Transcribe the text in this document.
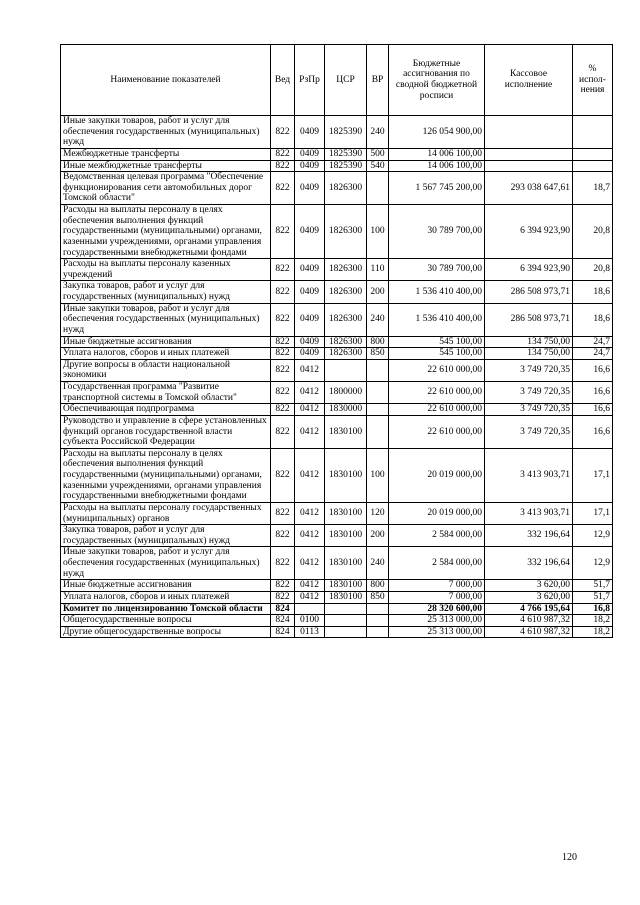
Наименование показателей	Вед	РзПр	ЦСР	ВР	Бюджетные ассигнования по сводной бюджетной росписи	Кассовое исполнение	% испол-нения
Иные закупки товаров, работ и услуг для обеспечения государственных (муниципальных) нужд	822	0409	1825390	240	126 054 900,00		
Межбюджетные трансферты	822	0409	1825390	500	14 006 100,00		
Иные межбюджетные трансферты	822	0409	1825390	540	14 006 100,00		
Ведомственная целевая программа "Обеспечение функционирования сети автомобильных дорог Томской области"	822	0409	1826300		1 567 745 200,00	293 038 647,61	18,7
Расходы на выплаты персоналу в целях обеспечения выполнения функций государственными (муниципальными) органами, казенными учреждениями, органами управления государственными внебюджетными фондами	822	0409	1826300	100	30 789 700,00	6 394 923,90	20,8
Расходы на выплаты персоналу казенных учреждений	822	0409	1826300	110	30 789 700,00	6 394 923,90	20,8
Закупка товаров, работ и услуг для государственных (муниципальных) нужд	822	0409	1826300	200	1 536 410 400,00	286 508 973,71	18,6
Иные закупки товаров, работ и услуг для обеспечения государственных (муниципальных) нужд	822	0409	1826300	240	1 536 410 400,00	286 508 973,71	18,6
Иные бюджетные ассигнования	822	0409	1826300	800	545 100,00	134 750,00	24,7
Уплата налогов, сборов и иных платежей	822	0409	1826300	850	545 100,00	134 750,00	24,7
Другие вопросы в области национальной экономики	822	0412			22 610 000,00	3 749 720,35	16,6
Государственная программа "Развитие транспортной системы в Томской области"	822	0412	1800000		22 610 000,00	3 749 720,35	16,6
Обеспечивающая подпрограмма	822	0412	1830000		22 610 000,00	3 749 720,35	16,6
Руководство и управление в сфере установленных функций органов государственной власти субъекта Российской Федерации	822	0412	1830100		22 610 000,00	3 749 720,35	16,6
Расходы на выплаты персоналу в целях обеспечения выполнения функций государственными (муниципальными) органами, казенными учреждениями, органами управления государственными внебюджетными фондами	822	0412	1830100	100	20 019 000,00	3 413 903,71	17,1
Расходы на выплаты персоналу государственных (муниципальных) органов	822	0412	1830100	120	20 019 000,00	3 413 903,71	17,1
Закупка товаров, работ и услуг для государственных (муниципальных) нужд	822	0412	1830100	200	2 584 000,00	332 196,64	12,9
Иные закупки товаров, работ и услуг для обеспечения государственных (муниципальных) нужд	822	0412	1830100	240	2 584 000,00	332 196,64	12,9
Иные бюджетные ассигнования	822	0412	1830100	800	7 000,00	3 620,00	51,7
Уплата налогов, сборов и иных платежей	822	0412	1830100	850	7 000,00	3 620,00	51,7
Комитет по лицензированию Томской области	824				28 320 600,00	4 766 195,64	16,8
Общегосударственные вопросы	824	0100			25 313 000,00	4 610 987,32	18,2
Другие общегосударственные вопросы	824	0113			25 313 000,00	4 610 987,32	18,2
120
